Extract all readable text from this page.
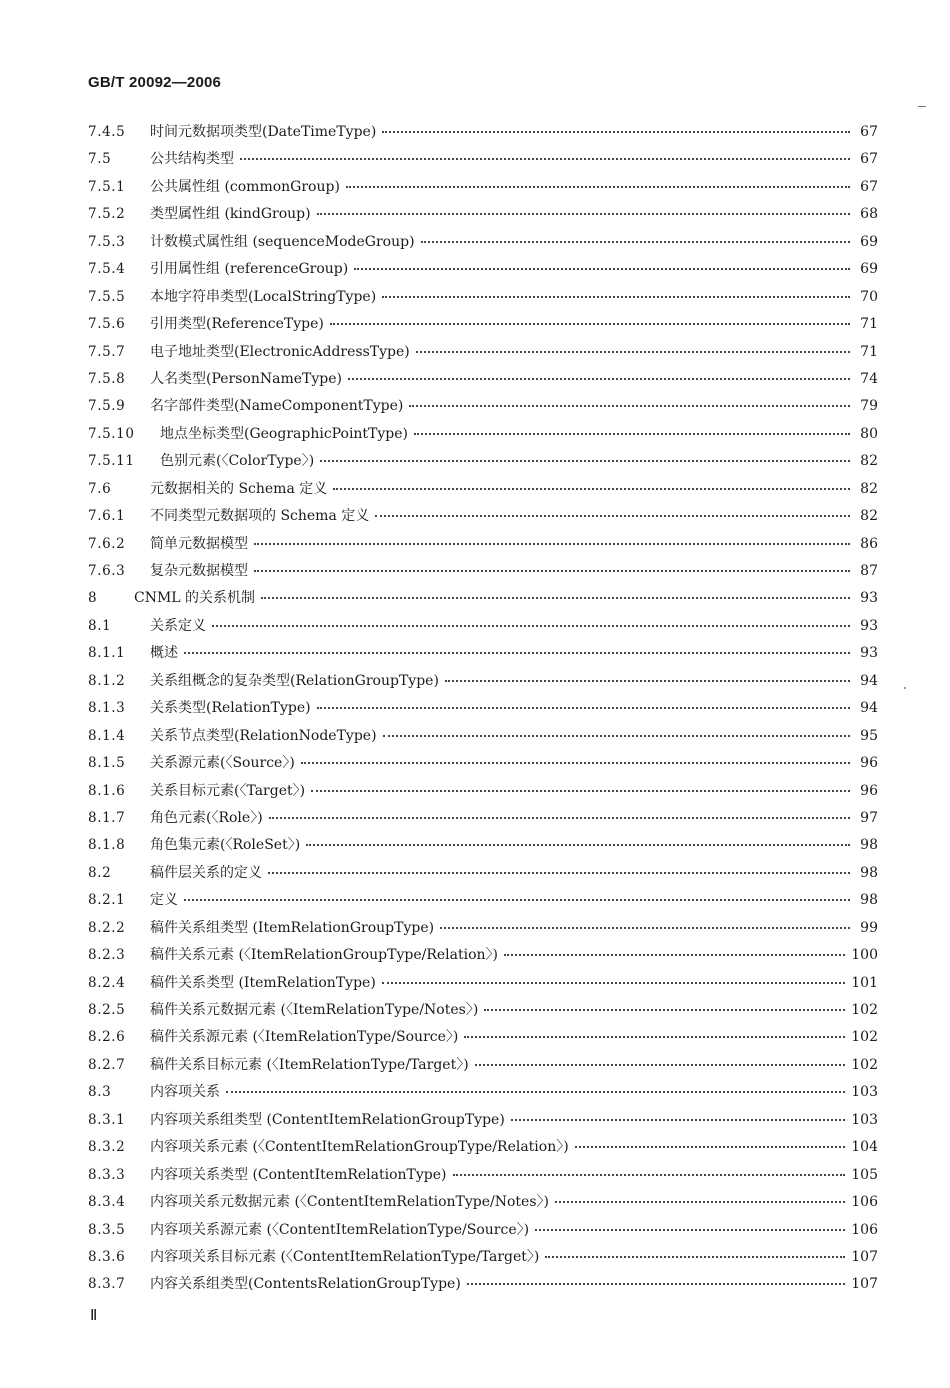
GB/T 20092—2006
7.4.5	时间元数据项类型(DateTimeType)	67
7.5	公共结构类型	67
7.5.1	公共属性组 (commonGroup)	67
7.5.2	类型属性组 (kindGroup)	68
7.5.3	计数模式属性组 (sequenceModeGroup)	69
7.5.4	引用属性组 (referenceGroup)	69
7.5.5	本地字符串类型(LocalStringType)	70
7.5.6	引用类型(ReferenceType)	71
7.5.7	电子地址类型(ElectronicAddressType)	71
7.5.8	人名类型(PersonNameType)	74
7.5.9	名字部件类型(NameComponentType)	79
7.5.10	地点坐标类型(GeographicPointType)	80
7.5.11	色别元素(〈ColorType〉)	82
7.6	元数据相关的 Schema 定义	82
7.6.1	不同类型元数据项的 Schema 定义	82
7.6.2	简单元数据模型	86
7.6.3	复杂元数据模型	87
8	CNML 的关系机制	93
8.1	关系定义	93
8.1.1	概述	93
8.1.2	关系组概念的复杂类型(RelationGroupType)	94
8.1.3	关系类型(RelationType)	94
8.1.4	关系节点类型(RelationNodeType)	95
8.1.5	关系源元素(〈Source〉)	96
8.1.6	关系目标元素(〈Target〉)	96
8.1.7	角色元素(〈Role〉)	97
8.1.8	角色集元素(〈RoleSet〉)	98
8.2	稿件层关系的定义	98
8.2.1	定义	98
8.2.2	稿件关系组类型 (ItemRelationGroupType)	99
8.2.3	稿件关系元素 (〈ItemRelationGroupType/Relation〉)	100
8.2.4	稿件关系类型 (ItemRelationType)	101
8.2.5	稿件关系元数据元素 (〈ItemRelationType/Notes〉)	102
8.2.6	稿件关系源元素 (〈ItemRelationType/Source〉)	102
8.2.7	稿件关系目标元素 (〈ItemRelationType/Target〉)	102
8.3	内容项关系	103
8.3.1	内容项关系组类型 (ContentItemRelationGroupType)	103
8.3.2	内容项关系元素 (〈ContentItemRelationGroupType/Relation〉)	104
8.3.3	内容项关系类型 (ContentItemRelationType)	105
8.3.4	内容项关系元数据元素 (〈ContentItemRelationType/Notes〉)	106
8.3.5	内容项关系源元素 (〈ContentItemRelationType/Source〉)	106
8.3.6	内容项关系目标元素 (〈ContentItemRelationType/Target〉)	107
8.3.7	内容关系组类型(ContentsRelationGroupType)	107
Ⅱ
